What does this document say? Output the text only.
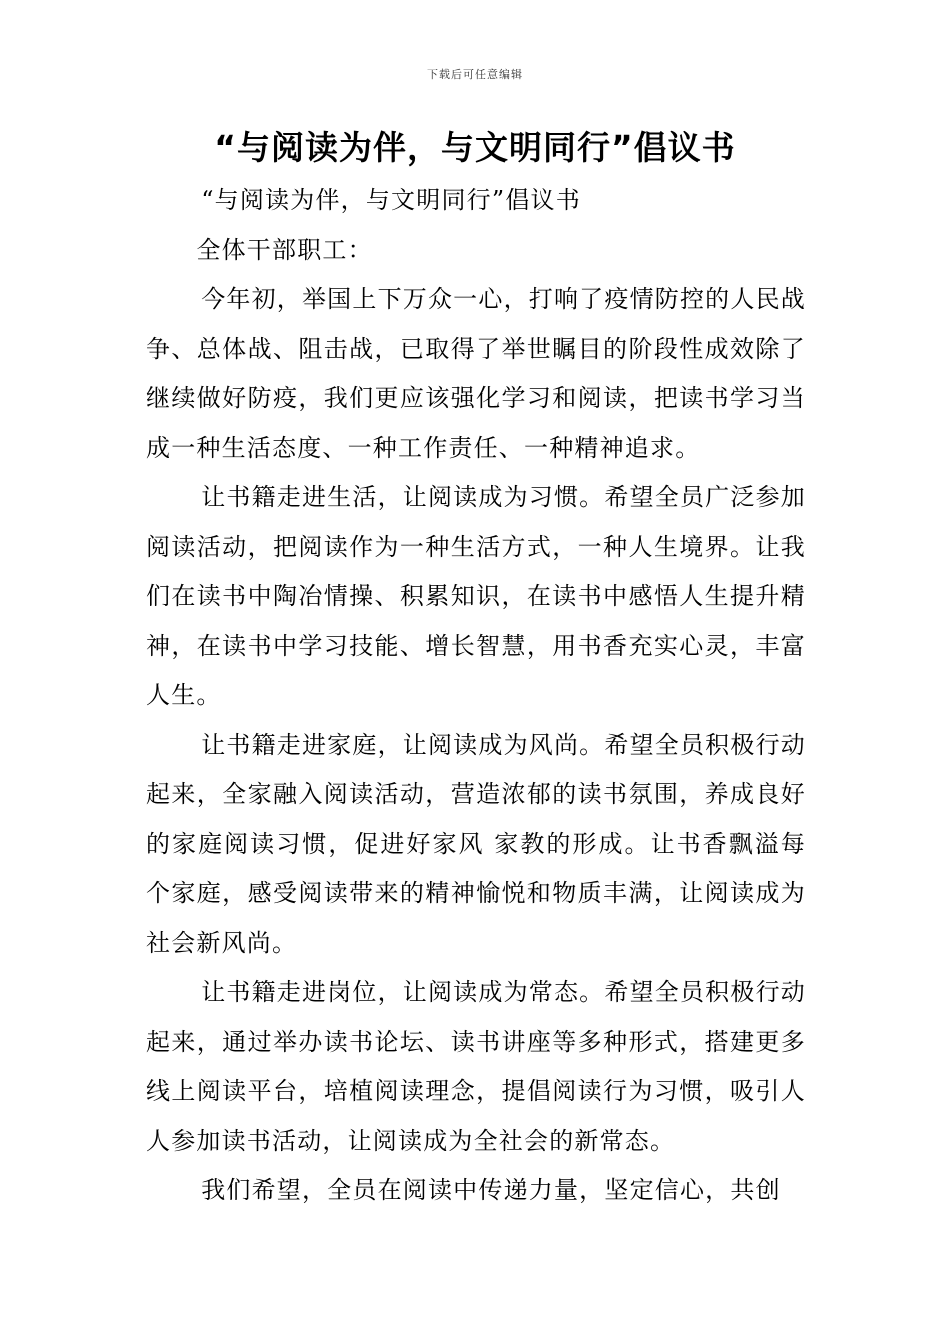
下载后可任意编辑
“与阅读为伴，与文明同行”倡议书

“与阅读为伴，与文明同行”倡议书

全体干部职工：

今年初，举国上下万众一心，打响了疫情防控的人民战争、总体战、阻击战，已取得了举世瞩目的阶段性成效除了继续做好防疫，我们更应该强化学习和阅读，把读书学习当成一种生活态度、一种工作责任、一种精神追求。

让书籍走进生活，让阅读成为习惯。希望全员广泛参加阅读活动，把阅读作为一种生活方式，一种人生境界。让我们在读书中陶冶情操、积累知识，在读书中感悟人生提升精神，在读书中学习技能、增长智慧，用书香充实心灵，丰富人生。

让书籍走进家庭，让阅读成为风尚。希望全员积极行动起来，全家融入阅读活动，营造浓郁的读书氛围，养成良好的家庭阅读习惯，促进好家风 家教的形成。让书香飘溢每个家庭，感受阅读带来的精神愉悦和物质丰满，让阅读成为社会新风尚。

让书籍走进岗位，让阅读成为常态。希望全员积极行动起来，通过举办读书论坛、读书讲座等多种形式，搭建更多线上阅读平台，培植阅读理念，提倡阅读行为习惯，吸引人人参加读书活动，让阅读成为全社会的新常态。

我们希望，全员在阅读中传递力量，坚定信心，共创
